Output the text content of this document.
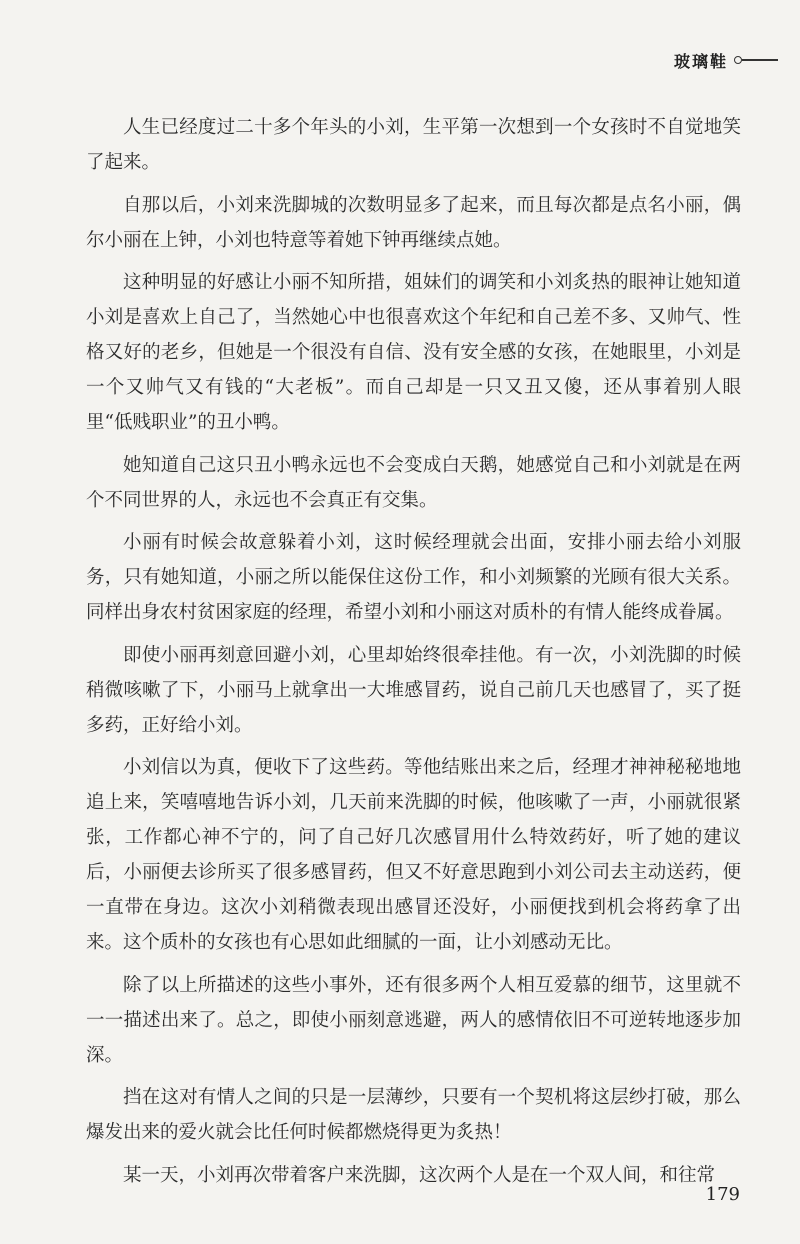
玻璃鞋

人生已经度过二十多个年头的小刘，生平第一次想到一个女孩时不自觉地笑了起来。

自那以后，小刘来洗脚城的次数明显多了起来，而且每次都是点名小丽，偶尔小丽在上钟，小刘也特意等着她下钟再继续点她。

这种明显的好感让小丽不知所措，姐妹们的调笑和小刘炙热的眼神让她知道小刘是喜欢上自己了，当然她心中也很喜欢这个年纪和自己差不多、又帅气、性格又好的老乡，但她是一个很没有自信、没有安全感的女孩，在她眼里，小刘是一个又帅气又有钱的“大老板”。而自己却是一只又丑又傻，还从事着别人眼里“低贱职业”的丑小鸭。

她知道自己这只丑小鸭永远也不会变成白天鹅，她感觉自己和小刘就是在两个不同世界的人，永远也不会真正有交集。

小丽有时候会故意躲着小刘，这时候经理就会出面，安排小丽去给小刘服务，只有她知道，小丽之所以能保住这份工作，和小刘频繁的光顾有很大关系。同样出身农村贫困家庭的经理，希望小刘和小丽这对质朴的有情人能终成眷属。

即使小丽再刻意回避小刘，心里却始终很牵挂他。有一次，小刘洗脚的时候稍微咳嗽了下，小丽马上就拿出一大堆感冒药，说自己前几天也感冒了，买了挺多药，正好给小刘。

小刘信以为真，便收下了这些药。等他结账出来之后，经理才神神秘秘地地追上来，笑嘻嘻地告诉小刘，几天前来洗脚的时候，他咳嗽了一声，小丽就很紧张，工作都心神不宁的，问了自己好几次感冒用什么特效药好，听了她的建议后，小丽便去诊所买了很多感冒药，但又不好意思跑到小刘公司去主动送药，便一直带在身边。这次小刘稍微表现出感冒还没好，小丽便找到机会将药拿了出来。这个质朴的女孩也有心思如此细腻的一面，让小刘感动无比。

除了以上所描述的这些小事外，还有很多两个人相互爱慕的细节，这里就不一一描述出来了。总之，即使小丽刻意逃避，两人的感情依旧不可逆转地逐步加深。

挡在这对有情人之间的只是一层薄纱，只要有一个契机将这层纱打破，那么爆发出来的爱火就会比任何时候都燃烧得更为炙热！

某一天，小刘再次带着客户来洗脚，这次两个人是在一个双人间，和往常

179
